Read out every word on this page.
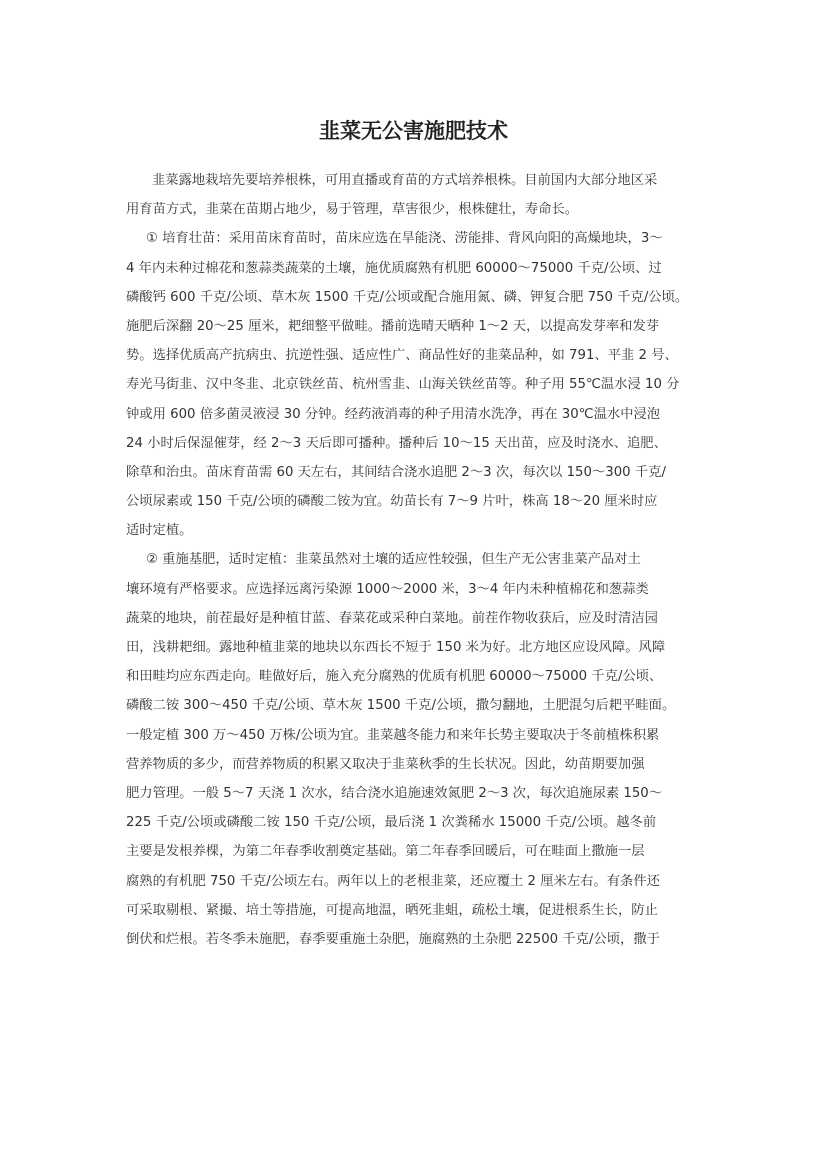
韭菜无公害施肥技术
韭菜露地栽培先要培养根株，可用直播或育苗的方式培养根株。目前国内大部分地区采
用育苗方式，韭菜在苗期占地少，易于管理，草害很少，根株健壮，寿命长。
① 培育壮苗：采用苗床育苗时，苗床应选在旱能浇、涝能排、背风向阳的高燥地块，3～
4 年内未种过棉花和葱蒜类蔬菜的土壤，施优质腐熟有机肥 60000～75000 千克/公顷、过
磷酸钙 600 千克/公顷、草木灰 1500 千克/公顷或配合施用氮、磷、钾复合肥 750 千克/公顷。
施肥后深翻 20～25 厘米，耙细整平做畦。播前选晴天晒种 1～2 天，以提高发芽率和发芽
势。选择优质高产抗病虫、抗逆性强、适应性广、商品性好的韭菜品种，如 791、平韭 2 号、
寿光马街韭、汉中冬韭、北京铁丝苗、杭州雪韭、山海关铁丝苗等。种子用 55℃温水浸 10 分
钟或用 600 倍多菌灵液浸 30 分钟。经药液消毒的种子用清水洗净，再在 30℃温水中浸泡
24 小时后保湿催芽，经 2～3 天后即可播种。播种后 10～15 天出苗，应及时浇水、追肥、
除草和治虫。苗床育苗需 60 天左右，其间结合浇水追肥 2～3 次，每次以 150～300 千克/
公顷尿素或 150 千克/公顷的磷酸二铵为宜。幼苗长有 7～9 片叶，株高 18～20 厘米时应
适时定植。
② 重施基肥，适时定植：韭菜虽然对土壤的适应性较强，但生产无公害韭菜产品对土
壤环境有严格要求。应选择远离污染源 1000～2000 米，3～4 年内未种植棉花和葱蒜类
蔬菜的地块，前茬最好是种植甘蓝、春菜花或采种白菜地。前茬作物收获后，应及时清洁园
田，浅耕耙细。露地种植韭菜的地块以东西长不短于 150 米为好。北方地区应设风障。风障
和田畦均应东西走向。畦做好后，施入充分腐熟的优质有机肥 60000～75000 千克/公顷、
磷酸二铵 300～450 千克/公顷、草木灰 1500 千克/公顷，撒匀翻地，土肥混匀后耙平畦面。
一般定植 300 万～450 万株/公顷为宜。韭菜越冬能力和来年长势主要取决于冬前植株积累
营养物质的多少，而营养物质的积累又取决于韭菜秋季的生长状况。因此，幼苗期要加强
肥力管理。一般 5～7 天浇 1 次水，结合浇水追施速效氮肥 2～3 次，每次追施尿素 150～
225 千克/公顷或磷酸二铵 150 千克/公顷，最后浇 1 次粪稀水 15000 千克/公顷。越冬前
主要是发根养棵，为第二年春季收割奠定基础。第二年春季回暖后，可在畦面上撒施一层
腐熟的有机肥 750 千克/公顷左右。两年以上的老根韭菜，还应覆土 2 厘米左右。有条件还
可采取剔根、紧撮、培土等措施，可提高地温，晒死韭蛆，疏松土壤，促进根系生长，防止
倒伏和烂根。若冬季未施肥，春季要重施土杂肥，施腐熟的土杂肥 22500 千克/公顷，撒于
